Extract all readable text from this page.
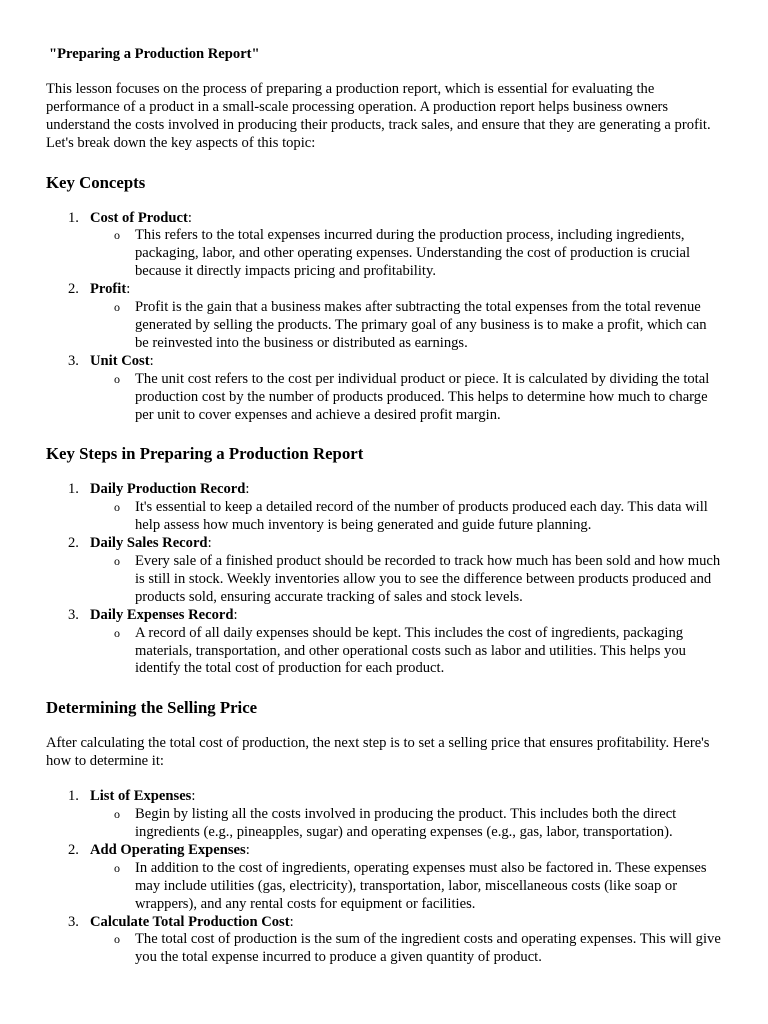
"Preparing a Production Report"

This lesson focuses on the process of preparing a production report, which is essential for evaluating the performance of a product in a small-scale processing operation. A production report helps business owners understand the costs involved in producing their products, track sales, and ensure that they are generating a profit. Let's break down the key aspects of this topic:

Key Concepts
1. Cost of Product:
o This refers to the total expenses incurred during the production process, including ingredients, packaging, labor, and other operating expenses. Understanding the cost of production is crucial because it directly impacts pricing and profitability.
2. Profit:
o Profit is the gain that a business makes after subtracting the total expenses from the total revenue generated by selling the products. The primary goal of any business is to make a profit, which can be reinvested into the business or distributed as earnings.
3. Unit Cost:
o The unit cost refers to the cost per individual product or piece. It is calculated by dividing the total production cost by the number of products produced. This helps to determine how much to charge per unit to cover expenses and achieve a desired profit margin.
Key Steps in Preparing a Production Report
1. Daily Production Record:
o It's essential to keep a detailed record of the number of products produced each day. This data will help assess how much inventory is being generated and guide future planning.
2. Daily Sales Record:
o Every sale of a finished product should be recorded to track how much has been sold and how much is still in stock. Weekly inventories allow you to see the difference between products produced and products sold, ensuring accurate tracking of sales and stock levels.
3. Daily Expenses Record:
o A record of all daily expenses should be kept. This includes the cost of ingredients, packaging materials, transportation, and other operational costs such as labor and utilities. This helps you identify the total cost of production for each product.
Determining the Selling Price

After calculating the total cost of production, the next step is to set a selling price that ensures profitability. Here's how to determine it:

1. List of Expenses:
o Begin by listing all the costs involved in producing the product. This includes both the direct ingredients (e.g., pineapples, sugar) and operating expenses (e.g., gas, labor, transportation).
2. Add Operating Expenses:
o In addition to the cost of ingredients, operating expenses must also be factored in. These expenses may include utilities (gas, electricity), transportation, labor, miscellaneous costs (like soap or wrappers), and any rental costs for equipment or facilities.
3. Calculate Total Production Cost:
o The total cost of production is the sum of the ingredient costs and operating expenses. This will give you the total expense incurred to produce a given quantity of product.
